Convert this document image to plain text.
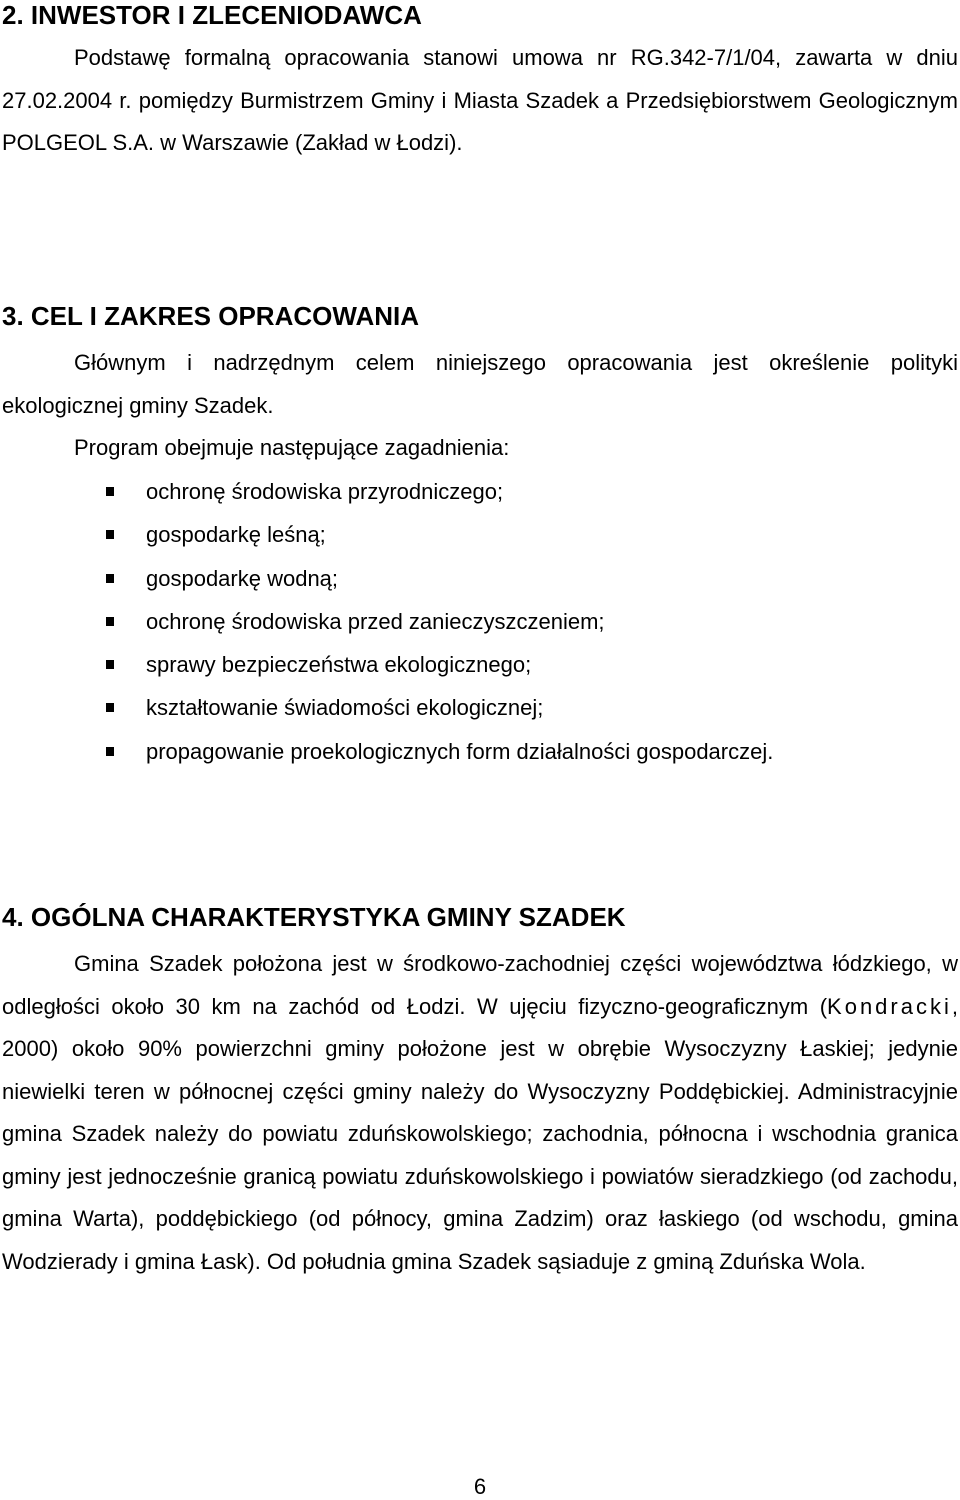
2. INWESTOR I ZLECENIODAWCA

Podstawę formalną opracowania stanowi umowa nr RG.342-7/1/04, zawarta w dniu 27.02.2004 r. pomiędzy Burmistrzem Gminy i Miasta Szadek a Przedsiębiorstwem Geologicznym POLGEOL S.A. w Warszawie (Zakład w Łodzi).

3. CEL I ZAKRES OPRACOWANIA

Głównym i nadrzędnym celem niniejszego opracowania jest określenie polityki ekologicznej gminy Szadek.

Program obejmuje następujące zagadnienia:

ochronę środowiska przyrodniczego;
gospodarkę leśną;
gospodarkę wodną;
ochronę środowiska przed zanieczyszczeniem;
sprawy bezpieczeństwa ekologicznego;
kształtowanie świadomości ekologicznej;
propagowanie proekologicznych form działalności gospodarczej.
4. OGÓLNA CHARAKTERYSTYKA GMINY SZADEK

Gmina Szadek położona jest w środkowo-zachodniej części województwa łódzkiego, w odległości około 30 km na zachód od Łodzi. W ujęciu fizyczno-geograficznym (Kondracki, 2000) około 90% powierzchni gminy położone jest w obrębie Wysoczyzny Łaskiej; jedynie niewielki teren w północnej części gminy należy do Wysoczyzny Poddębickiej. Administracyjnie gmina Szadek należy do powiatu zduńskowolskiego; zachodnia, północna i wschodnia granica gminy jest jednocześnie granicą powiatu zduńskowolskiego i powiatów sieradzkiego (od zachodu, gmina Warta), poddębickiego (od północy, gmina Zadzim) oraz łaskiego (od wschodu, gmina Wodzierady i gmina Łask). Od południa gmina Szadek sąsiaduje z gminą Zduńska Wola.

6
